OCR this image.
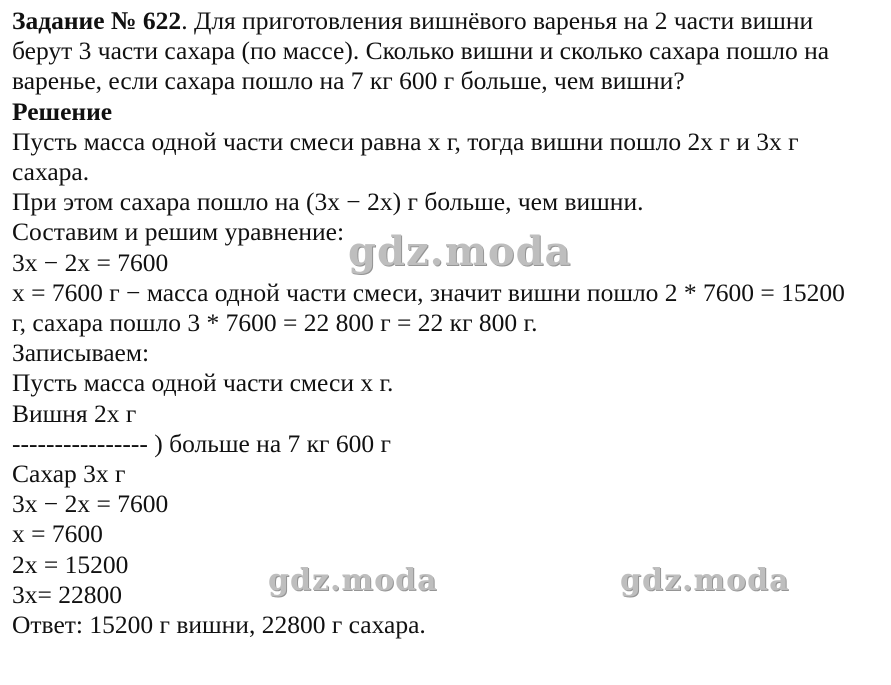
Задание № 622. Для приготовления вишнёвого варенья на 2 части вишни
берут 3 части сахара (по массе). Сколько вишни и сколько сахара пошло на
варенье, если сахара пошло на 7 кг 600 г больше, чем вишни?
Решение
Пусть масса одной части смеси равна х г, тогда вишни пошло 2х г и 3х г
сахара.
При этом сахара пошло на (3х − 2х) г больше, чем вишни.
Составим и решим уравнение:
3х − 2х = 7600
х = 7600 г − масса одной части смеси, значит вишни пошло 2 * 7600 = 15200
г, сахара пошло 3 * 7600 = 22 800 г = 22 кг 800 г.
Записываем:
Пусть масса одной части смеси х г.
Вишня 2х г
---------------- ) больше на 7 кг 600 г
Сахар 3х г
3х − 2х = 7600
х = 7600
2х = 15200
3х= 22800
Ответ: 15200 г вишни, 22800 г сахара.
gdz.moda
gdz.moda	gdz.moda
